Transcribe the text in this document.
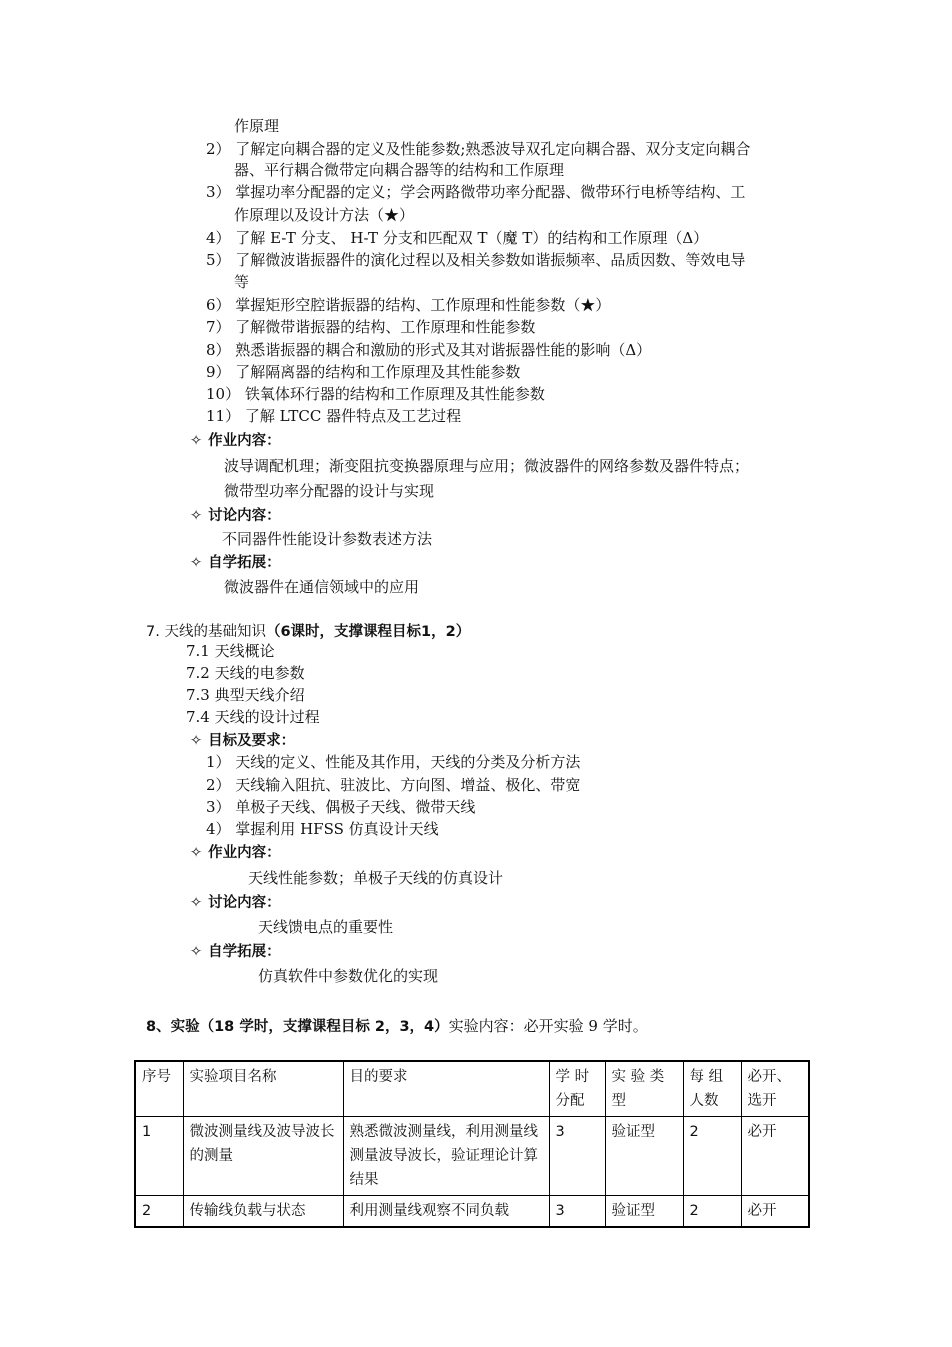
作原理
2） 了解定向耦合器的定义及性能参数;熟悉波导双孔定向耦合器、双分支定向耦合
器、平行耦合微带定向耦合器等的结构和工作原理
3） 掌握功率分配器的定义；学会两路微带功率分配器、微带环行电桥等结构、工
作原理以及设计方法（★）
4） 了解 E-T 分支、 H-T 分支和匹配双 T（魔 T）的结构和工作原理（Δ）
5） 了解微波谐振器件的演化过程以及相关参数如谐振频率、品质因数、等效电导
等
6） 掌握矩形空腔谐振器的结构、工作原理和性能参数（★）
7） 了解微带谐振器的结构、工作原理和性能参数
8） 熟悉谐振器的耦合和激励的形式及其对谐振器性能的影响（Δ）
9） 了解隔离器的结构和工作原理及其性能参数
10） 铁氧体环行器的结构和工作原理及其性能参数
11） 了解 LTCC 器件特点及工艺过程
✧ 作业内容：
波导调配机理；渐变阻抗变换器原理与应用；微波器件的网络参数及器件特点；
微带型功率分配器的设计与实现
✧ 讨论内容：
不同器件性能设计参数表述方法
✧ 自学拓展：
微波器件在通信领域中的应用
7. 天线的基础知识（6课时，支撑课程目标1，2）
7.1 天线概论
7.2 天线的电参数
7.3 典型天线介绍
7.4 天线的设计过程
✧ 目标及要求：
1） 天线的定义、性能及其作用，天线的分类及分析方法
2） 天线输入阻抗、驻波比、方向图、增益、极化、带宽
3） 单极子天线、偶极子天线、微带天线
4） 掌握利用 HFSS 仿真设计天线
✧ 作业内容：
天线性能参数；单极子天线的仿真设计
✧ 讨论内容：
天线馈电点的重要性
✧ 自学拓展：
仿真软件中参数优化的实现
8、实验（18 学时，支撑课程目标 2，3，4）实验内容：必开实验 9 学时。
序号	实验项目名称	目的要求	学 时 分配	实 验 类 型	每 组 人数	必开、选开
1	微波测量线及波导波长的测量	熟悉微波测量线，利用测量线测量波导波长，验证理论计算结果	3	验证型	2	必开
2	传输线负载与状态	利用测量线观察不同负载	3	验证型	2	必开
